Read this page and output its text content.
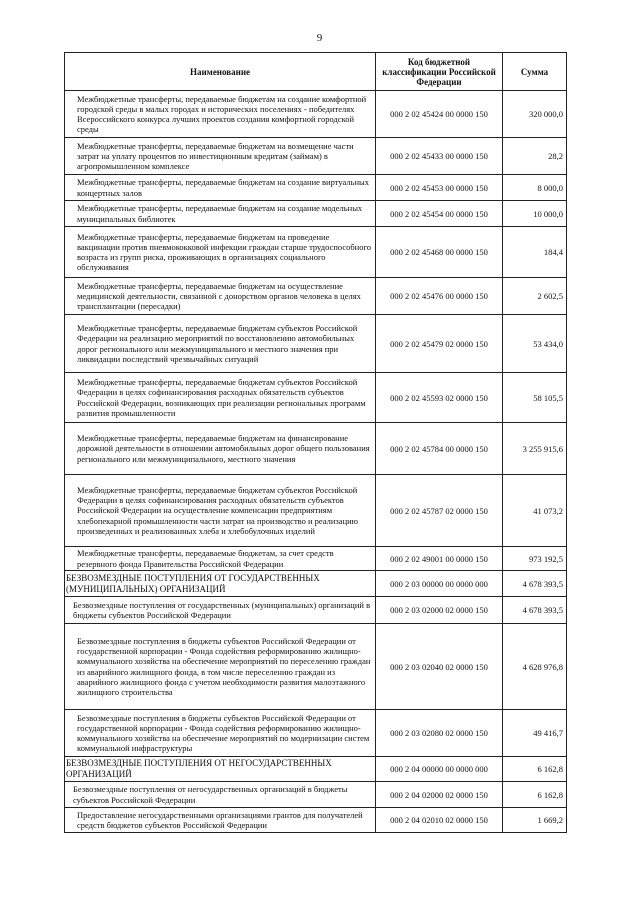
9
Наименование	Код бюджетной классификации Российской Федерации	Сумма
Межбюджетные трансферты, передаваемые бюджетам на создание комфортной городской среды в малых городах и исторических поселениях - победителях Всероссийского конкурса лучших проектов создания комфортной городской среды	000 2 02 45424 00 0000 150	320 000,0
Межбюджетные трансферты, передаваемые бюджетам на возмещение части затрат на уплату процентов по инвестиционным кредитам (займам) в агропромышленном комплексе	000 2 02 45433 00 0000 150	28,2
Межбюджетные трансферты, передаваемые бюджетам на создание виртуальных концертных залов	000 2 02 45453 00 0000 150	8 000,0
Межбюджетные трансферты, передаваемые бюджетам на создание модельных муниципальных библиотек	000 2 02 45454 00 0000 150	10 000,0
Межбюджетные трансферты, передаваемые бюджетам на проведение вакцинации против пневмококковой инфекции граждан старше трудоспособного возраста из групп риска, проживающих в организациях социального обслуживания	000 2 02 45468 00 0000 150	184,4
Межбюджетные трансферты, передаваемые бюджетам на осуществление медицинской деятельности, связанной с донорством органов человека в целях трансплантации (пересадки)	000 2 02 45476 00 0000 150	2 602,5
Межбюджетные трансферты, передаваемые бюджетам субъектов Российской Федерации на реализацию мероприятий по восстановлению автомобильных дорог регионального или межмуниципального и местного значения при ликвидации последствий чрезвычайных ситуаций	000 2 02 45479 02 0000 150	53 434,0
Межбюджетные трансферты, передаваемые бюджетам субъектов Российской Федерации в целях софинансирования расходных обязательств субъектов Российской Федерации, возникающих при реализации региональных программ развития промышленности	000 2 02 45593 02 0000 150	58 105,5
Межбюджетные трансферты, передаваемые бюджетам на финансирование дорожной деятельности в отношении автомобильных дорог общего пользования регионального или межмуниципального, местного значения	000 2 02 45784 00 0000 150	3 255 915,6
Межбюджетные трансферты, передаваемые бюджетам субъектов Российской Федерации в целях софинансирования расходных обязательств субъектов Российской Федерации на осуществление компенсации предприятиям хлебопекарной промышленности части затрат на производство и реализацию произведенных и реализованных хлеба и хлебобулочных изделий	000 2 02 45787 02 0000 150	41 073,2
Межбюджетные трансферты, передаваемые бюджетам, за счет средств резервного фонда Правительства Российской Федерации	000 2 02 49001 00 0000 150	973 192,5
БЕЗВОЗМЕЗДНЫЕ ПОСТУПЛЕНИЯ ОТ ГОСУДАРСТВЕННЫХ (МУНИЦИПАЛЬНЫХ) ОРГАНИЗАЦИЙ	000 2 03 00000 00 0000 000	4 678 393,5
Безвозмездные поступления от государственных (муниципальных) организаций в бюджеты субъектов Российской Федерации	000 2 03 02000 02 0000 150	4 678 393,5
Безвозмездные поступления в бюджеты субъектов Российской Федерации от государственной корпорации - Фонда содействия реформированию жилищно-коммунального хозяйства на обеспечение мероприятий по переселению граждан из аварийного жилищного фонда, в том числе переселению граждан из аварийного жилищного фонда с учетом необходимости развития малоэтажного жилищного строительства	000 2 03 02040 02 0000 150	4 628 976,8
Безвозмездные поступления в бюджеты субъектов Российской Федерации от государственной корпорации - Фонда содействия реформированию жилищно-коммунального хозяйства на обеспечение мероприятий по модернизации систем коммунальной инфраструктуры	000 2 03 02080 02 0000 150	49 416,7
БЕЗВОЗМЕЗДНЫЕ ПОСТУПЛЕНИЯ ОТ НЕГОСУДАРСТВЕННЫХ ОРГАНИЗАЦИЙ	000 2 04 00000 00 0000 000	6 162,8
Безвозмездные поступления от негосударственных организаций в бюджеты субъектов Российской Федерации	000 2 04 02000 02 0000 150	6 162,8
Предоставление негосударственными организациями грантов для получателей средств бюджетов субъектов Российской Федерации	000 2 04 02010 02 0000 150	1 669,2
